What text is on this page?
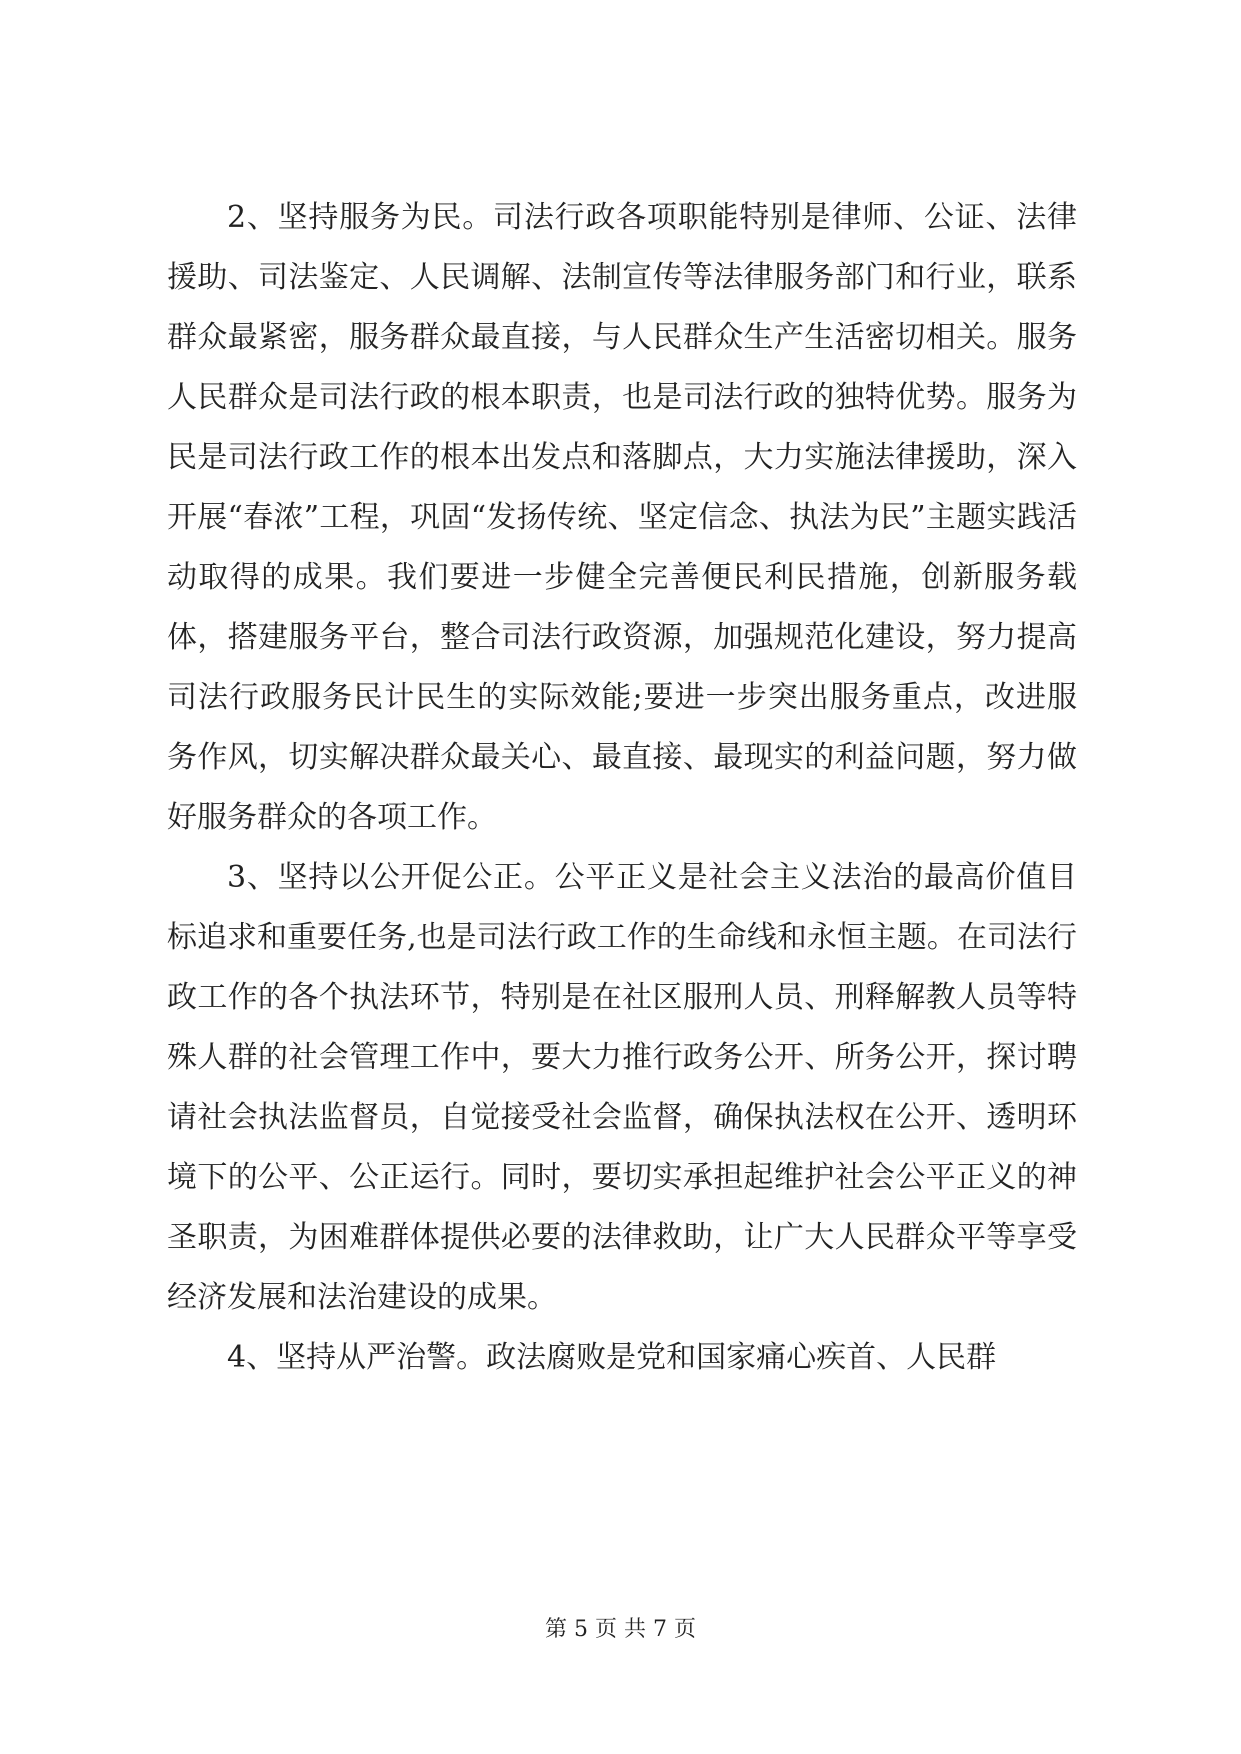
2、坚持服务为民。司法行政各项职能特别是律师、公证、法律援助、司法鉴定、人民调解、法制宣传等法律服务部门和行业，联系群众最紧密，服务群众最直接，与人民群众生产生活密切相关。服务人民群众是司法行政的根本职责，也是司法行政的独特优势。服务为民是司法行政工作的根本出发点和落脚点，大力实施法律援助，深入开展“春浓”工程，巩固“发扬传统、坚定信念、执法为民”主题实践活动取得的成果。我们要进一步健全完善便民利民措施，创新服务载体，搭建服务平台，整合司法行政资源，加强规范化建设，努力提高司法行政服务民计民生的实际效能;要进一步突出服务重点，改进服务作风，切实解决群众最关心、最直接、最现实的利益问题，努力做好服务群众的各项工作。

3、坚持以公开促公正。公平正义是社会主义法治的最高价值目标追求和重要任务,也是司法行政工作的生命线和永恒主题。在司法行政工作的各个执法环节，特别是在社区服刑人员、刑释解教人员等特殊人群的社会管理工作中，要大力推行政务公开、所务公开，探讨聘请社会执法监督员，自觉接受社会监督，确保执法权在公开、透明环境下的公平、公正运行。同时，要切实承担起维护社会公平正义的神圣职责，为困难群体提供必要的法律救助，让广大人民群众平等享受经济发展和法治建设的成果。

4、坚持从严治警。政法腐败是党和国家痛心疾首、人民群

第 5 页 共 7 页
